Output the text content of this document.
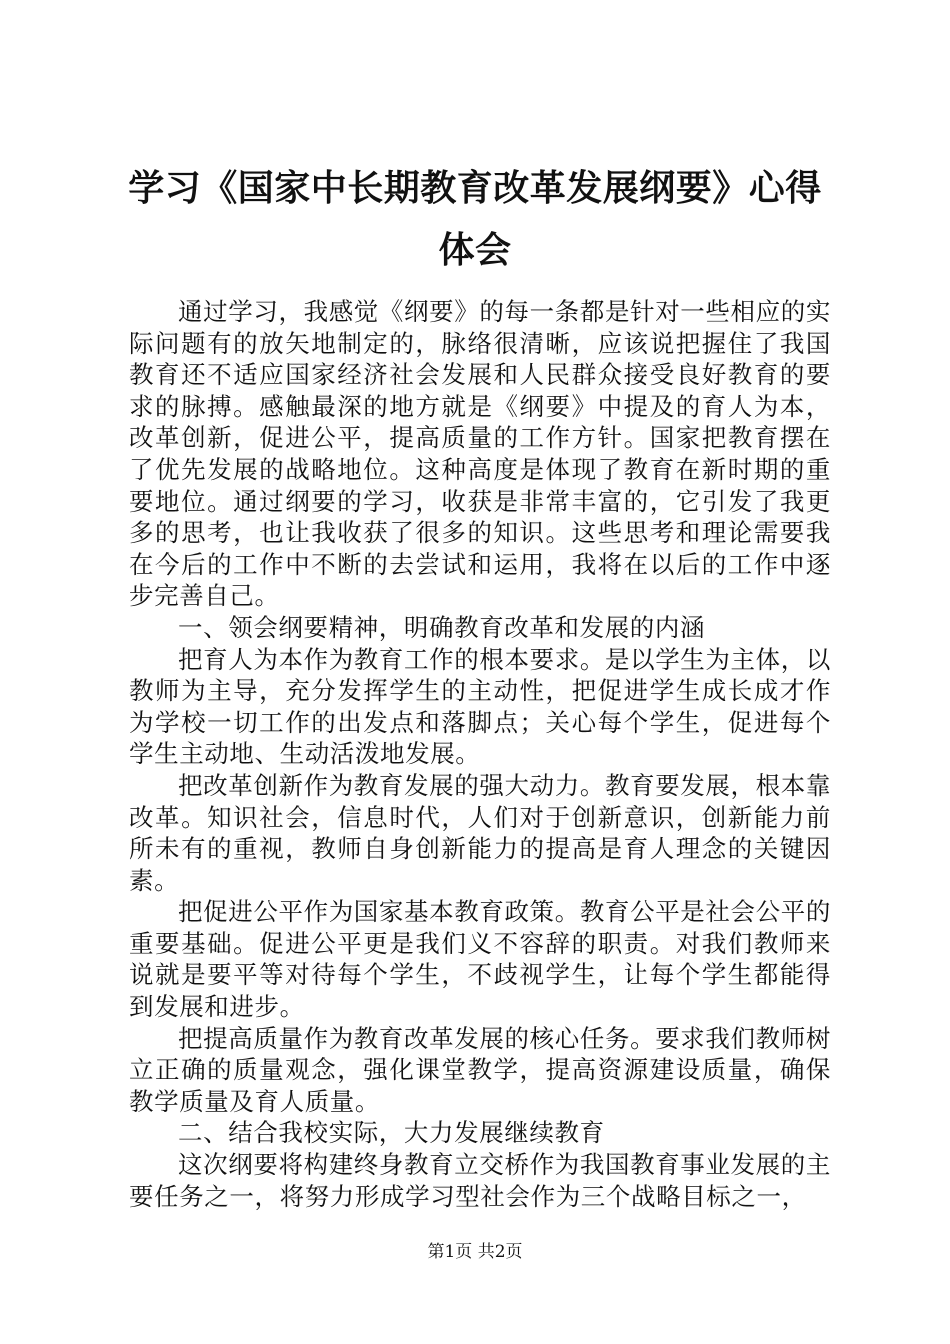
学习《国家中长期教育改革发展纲要》心得体会

通过学习，我感觉《纲要》的每一条都是针对一些相应的实际问题有的放矢地制定的，脉络很清晰，应该说把握住了我国教育还不适应国家经济社会发展和人民群众接受良好教育的要求的脉搏。感触最深的地方就是《纲要》中提及的育人为本，改革创新，促进公平，提高质量的工作方针。国家把教育摆在了优先发展的战略地位。这种高度是体现了教育在新时期的重要地位。通过纲要的学习，收获是非常丰富的，它引发了我更多的思考，也让我收获了很多的知识。这些思考和理论需要我在今后的工作中不断的去尝试和运用，我将在以后的工作中逐步完善自己。

一、领会纲要精神，明确教育改革和发展的内涵

把育人为本作为教育工作的根本要求。是以学生为主体，以教师为主导，充分发挥学生的主动性，把促进学生成长成才作为学校一切工作的出发点和落脚点；关心每个学生，促进每个学生主动地、生动活泼地发展。

把改革创新作为教育发展的强大动力。教育要发展，根本靠改革。知识社会，信息时代，人们对于创新意识，创新能力前所未有的重视，教师自身创新能力的提高是育人理念的关键因素。

把促进公平作为国家基本教育政策。教育公平是社会公平的重要基础。促进公平更是我们义不容辞的职责。对我们教师来说就是要平等对待每个学生，不歧视学生，让每个学生都能得到发展和进步。

把提高质量作为教育改革发展的核心任务。要求我们教师树立正确的质量观念，强化课堂教学，提高资源建设质量，确保教学质量及育人质量。

二、结合我校实际，大力发展继续教育

这次纲要将构建终身教育立交桥作为我国教育事业发展的主要任务之一，将努力形成学习型社会作为三个战略目标之一，

第1页 共2页
